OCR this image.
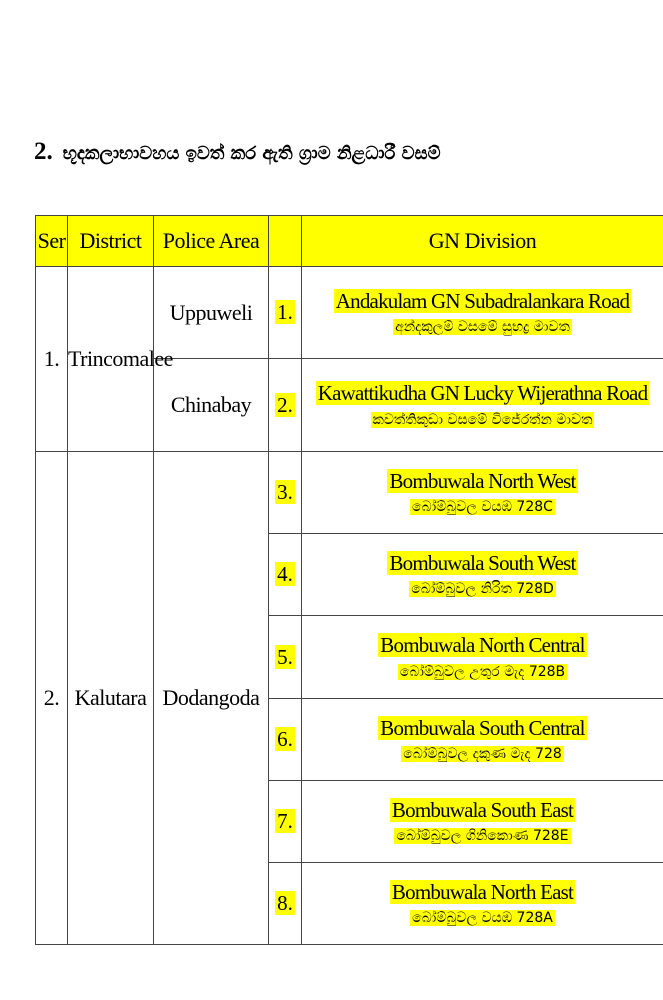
2. භූදකලාභාවහය ඉවත් කර ඇති ග්‍රාම නිළධාරී වසම්
Ser	District	Police Area		GN Division
1.	Trincomalee	Uppuweli	1.	Andakulam GN Subadralankara Road
අන්දකුලම් වසමේ සුභද්‍ර මාවත

		Chinabay	2.	Kawattikudha GN Lucky Wijerathna Road
කවත්තිකුඩා වසමේ විජේරත්න මාවත

2.	Kalutara	Dodangoda	3.	Bombuwala North West
බෝම්බුවල වයඹ 728C

			4.	Bombuwala South West
බෝම්බුවල නිරිත 728D

			5.	Bombuwala North Central
බෝම්බුවල උතුර මැද 728B

			6.	Bombuwala South Central
බෝම්බුවල දකුණ මැද 728

			7.	Bombuwala South East
බෝම්බුවල ගිනිකොණ 728E

			8.	Bombuwala North East
බෝම්බුවල වයඹ 728A
